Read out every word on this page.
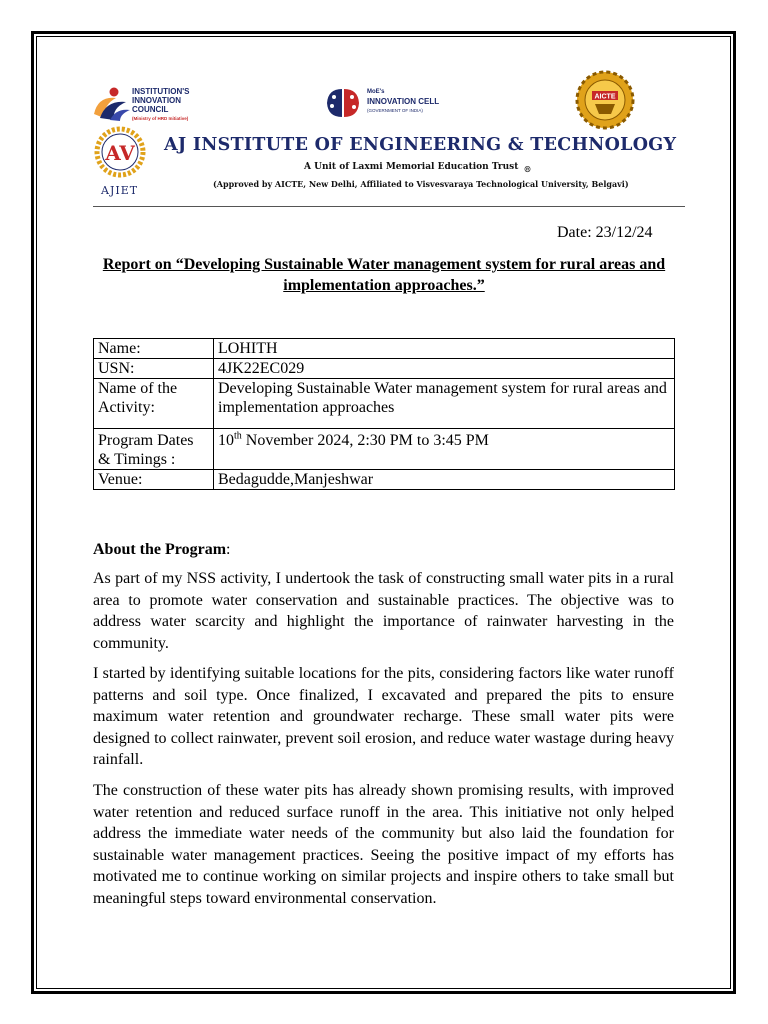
INSTITUTION'S
INNOVATION
COUNCIL
(Ministry of HRD Initiative)
MoE's
INNOVATION CELL
(GOVERNMENT OF INDIA)
AICTE
AV
AJIET
AJ INSTITUTE OF ENGINEERING & TECHNOLOGY
A Unit of Laxmi Memorial Education Trust ®
(Approved by AICTE, New Delhi, Affiliated to Visvesvaraya Technological University, Belgavi)
Date: 23/12/24
Report on “Developing Sustainable Water management system for rural areas and implementation approaches.”
Name:	LOHITH
USN:	4JK22EC029
Name of the Activity:	Developing Sustainable Water management system for rural areas and implementation approaches
Program Dates & Timings :	10th November 2024, 2:30 PM to 3:45 PM
Venue:	Bedagudde,Manjeshwar
About the Program:
As part of my NSS activity, I undertook the task of constructing small water pits in a rural area to promote water conservation and sustainable practices. The objective was to address water scarcity and highlight the importance of rainwater harvesting in the community.
I started by identifying suitable locations for the pits, considering factors like water runoff patterns and soil type. Once finalized, I excavated and prepared the pits to ensure maximum water retention and groundwater recharge. These small water pits were designed to collect rainwater, prevent soil erosion, and reduce water wastage during heavy rainfall.
The construction of these water pits has already shown promising results, with improved water retention and reduced surface runoff in the area. This initiative not only helped address the immediate water needs of the community but also laid the foundation for sustainable water management practices. Seeing the positive impact of my efforts has motivated me to continue working on similar projects and inspire others to take small but meaningful steps toward environmental conservation.
